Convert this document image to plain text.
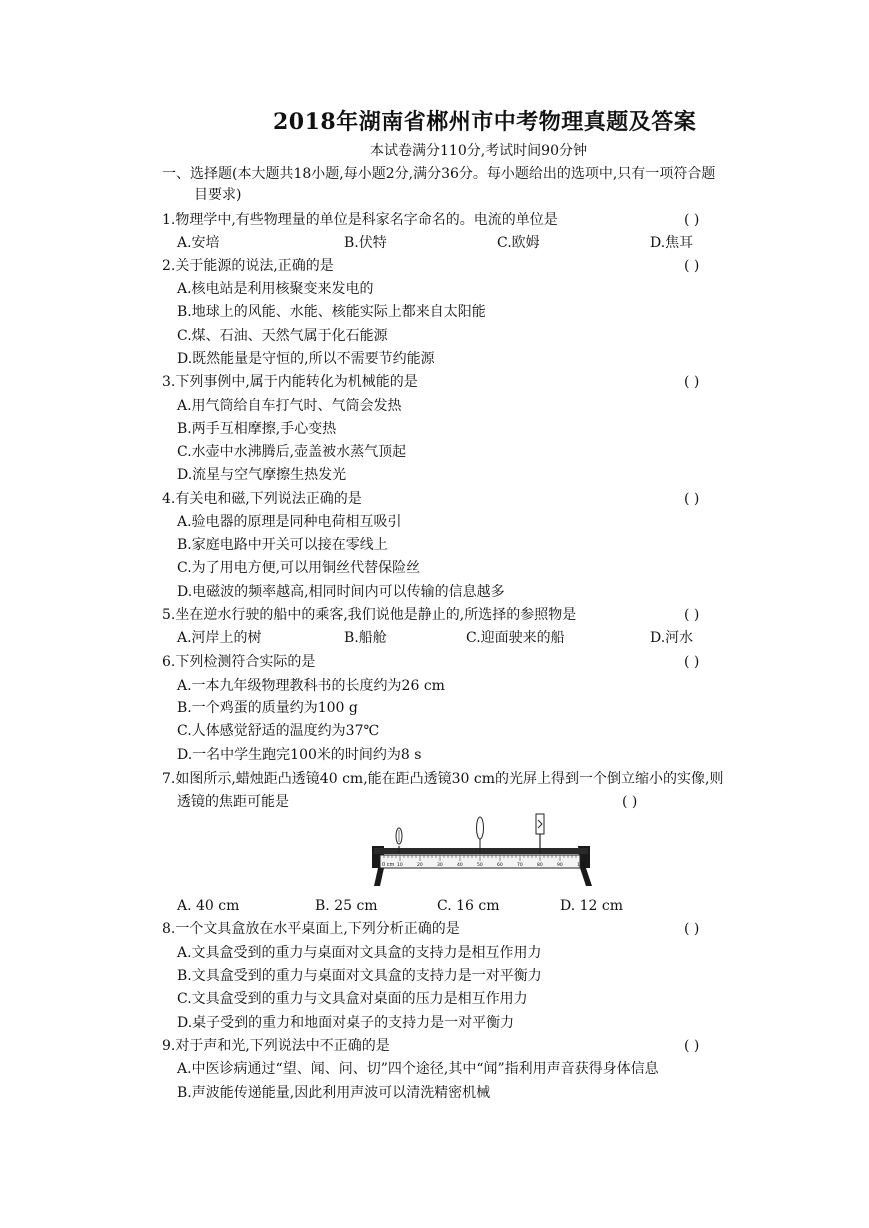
2018年湖南省郴州市中考物理真题及答案
本试卷满分110分,考试时间90分钟
一、选择题(本大题共18小题,每小题2分,满分36分。每小题给出的选项中,只有一项符合题
目要求)
1.物理学中,有些物理量的单位是科家名字命名的。电流的单位是	( )
A.安培	B.伏特	C.欧姆	D.焦耳
2.关于能源的说法,正确的是	( )
A.核电站是利用核聚变来发电的
B.地球上的风能、水能、核能实际上都来自太阳能
C.煤、石油、天然气属于化石能源
D.既然能量是守恒的,所以不需要节约能源
3.下列事例中,属于内能转化为机械能的是	( )
A.用气筒给自车打气时、气筒会发热
B.两手互相摩擦,手心变热
C.水壶中水沸腾后,壶盖被水蒸气顶起
D.流星与空气摩擦生热发光
4.有关电和磁,下列说法正确的是	( )
A.验电器的原理是同种电荷相互吸引
B.家庭电路中开关可以接在零线上
C.为了用电方便,可以用铜丝代替保险丝
D.电磁波的频率越高,相同时间内可以传输的信息越多
5.坐在逆水行驶的船中的乘客,我们说他是静止的,所选择的参照物是	( )
A.河岸上的树	B.船舱	C.迎面驶来的船	D.河水
6.下列检测符合实际的是	( )
A.一本九年级物理教科书的长度约为26 cm
B.一个鸡蛋的质量约为100 g
C.人体感觉舒适的温度约为37℃
D.一名中学生跑完100米的时间约为8 s
7.如图所示,蜡烛距凸透镜40 cm,能在距凸透镜30 cm的光屏上得到一个倒立缩小的实像,则
透镜的焦距可能是	( )
0 cm 10	20	30	40	50	60	70	80	90	100
A. 40 cm	B. 25 cm	C. 16 cm	D. 12 cm
8.一个文具盒放在水平桌面上,下列分析正确的是	( )
A.文具盒受到的重力与桌面对文具盒的支持力是相互作用力
B.文具盒受到的重力与桌面对文具盒的支持力是一对平衡力
C.文具盒受到的重力与文具盒对桌面的压力是相互作用力
D.桌子受到的重力和地面对桌子的支持力是一对平衡力
9.对于声和光,下列说法中不正确的是	( )
A.中医诊病通过“望、闻、问、切”四个途径,其中“闻”指利用声音获得身体信息
B.声波能传递能量,因此利用声波可以清洗精密机械
